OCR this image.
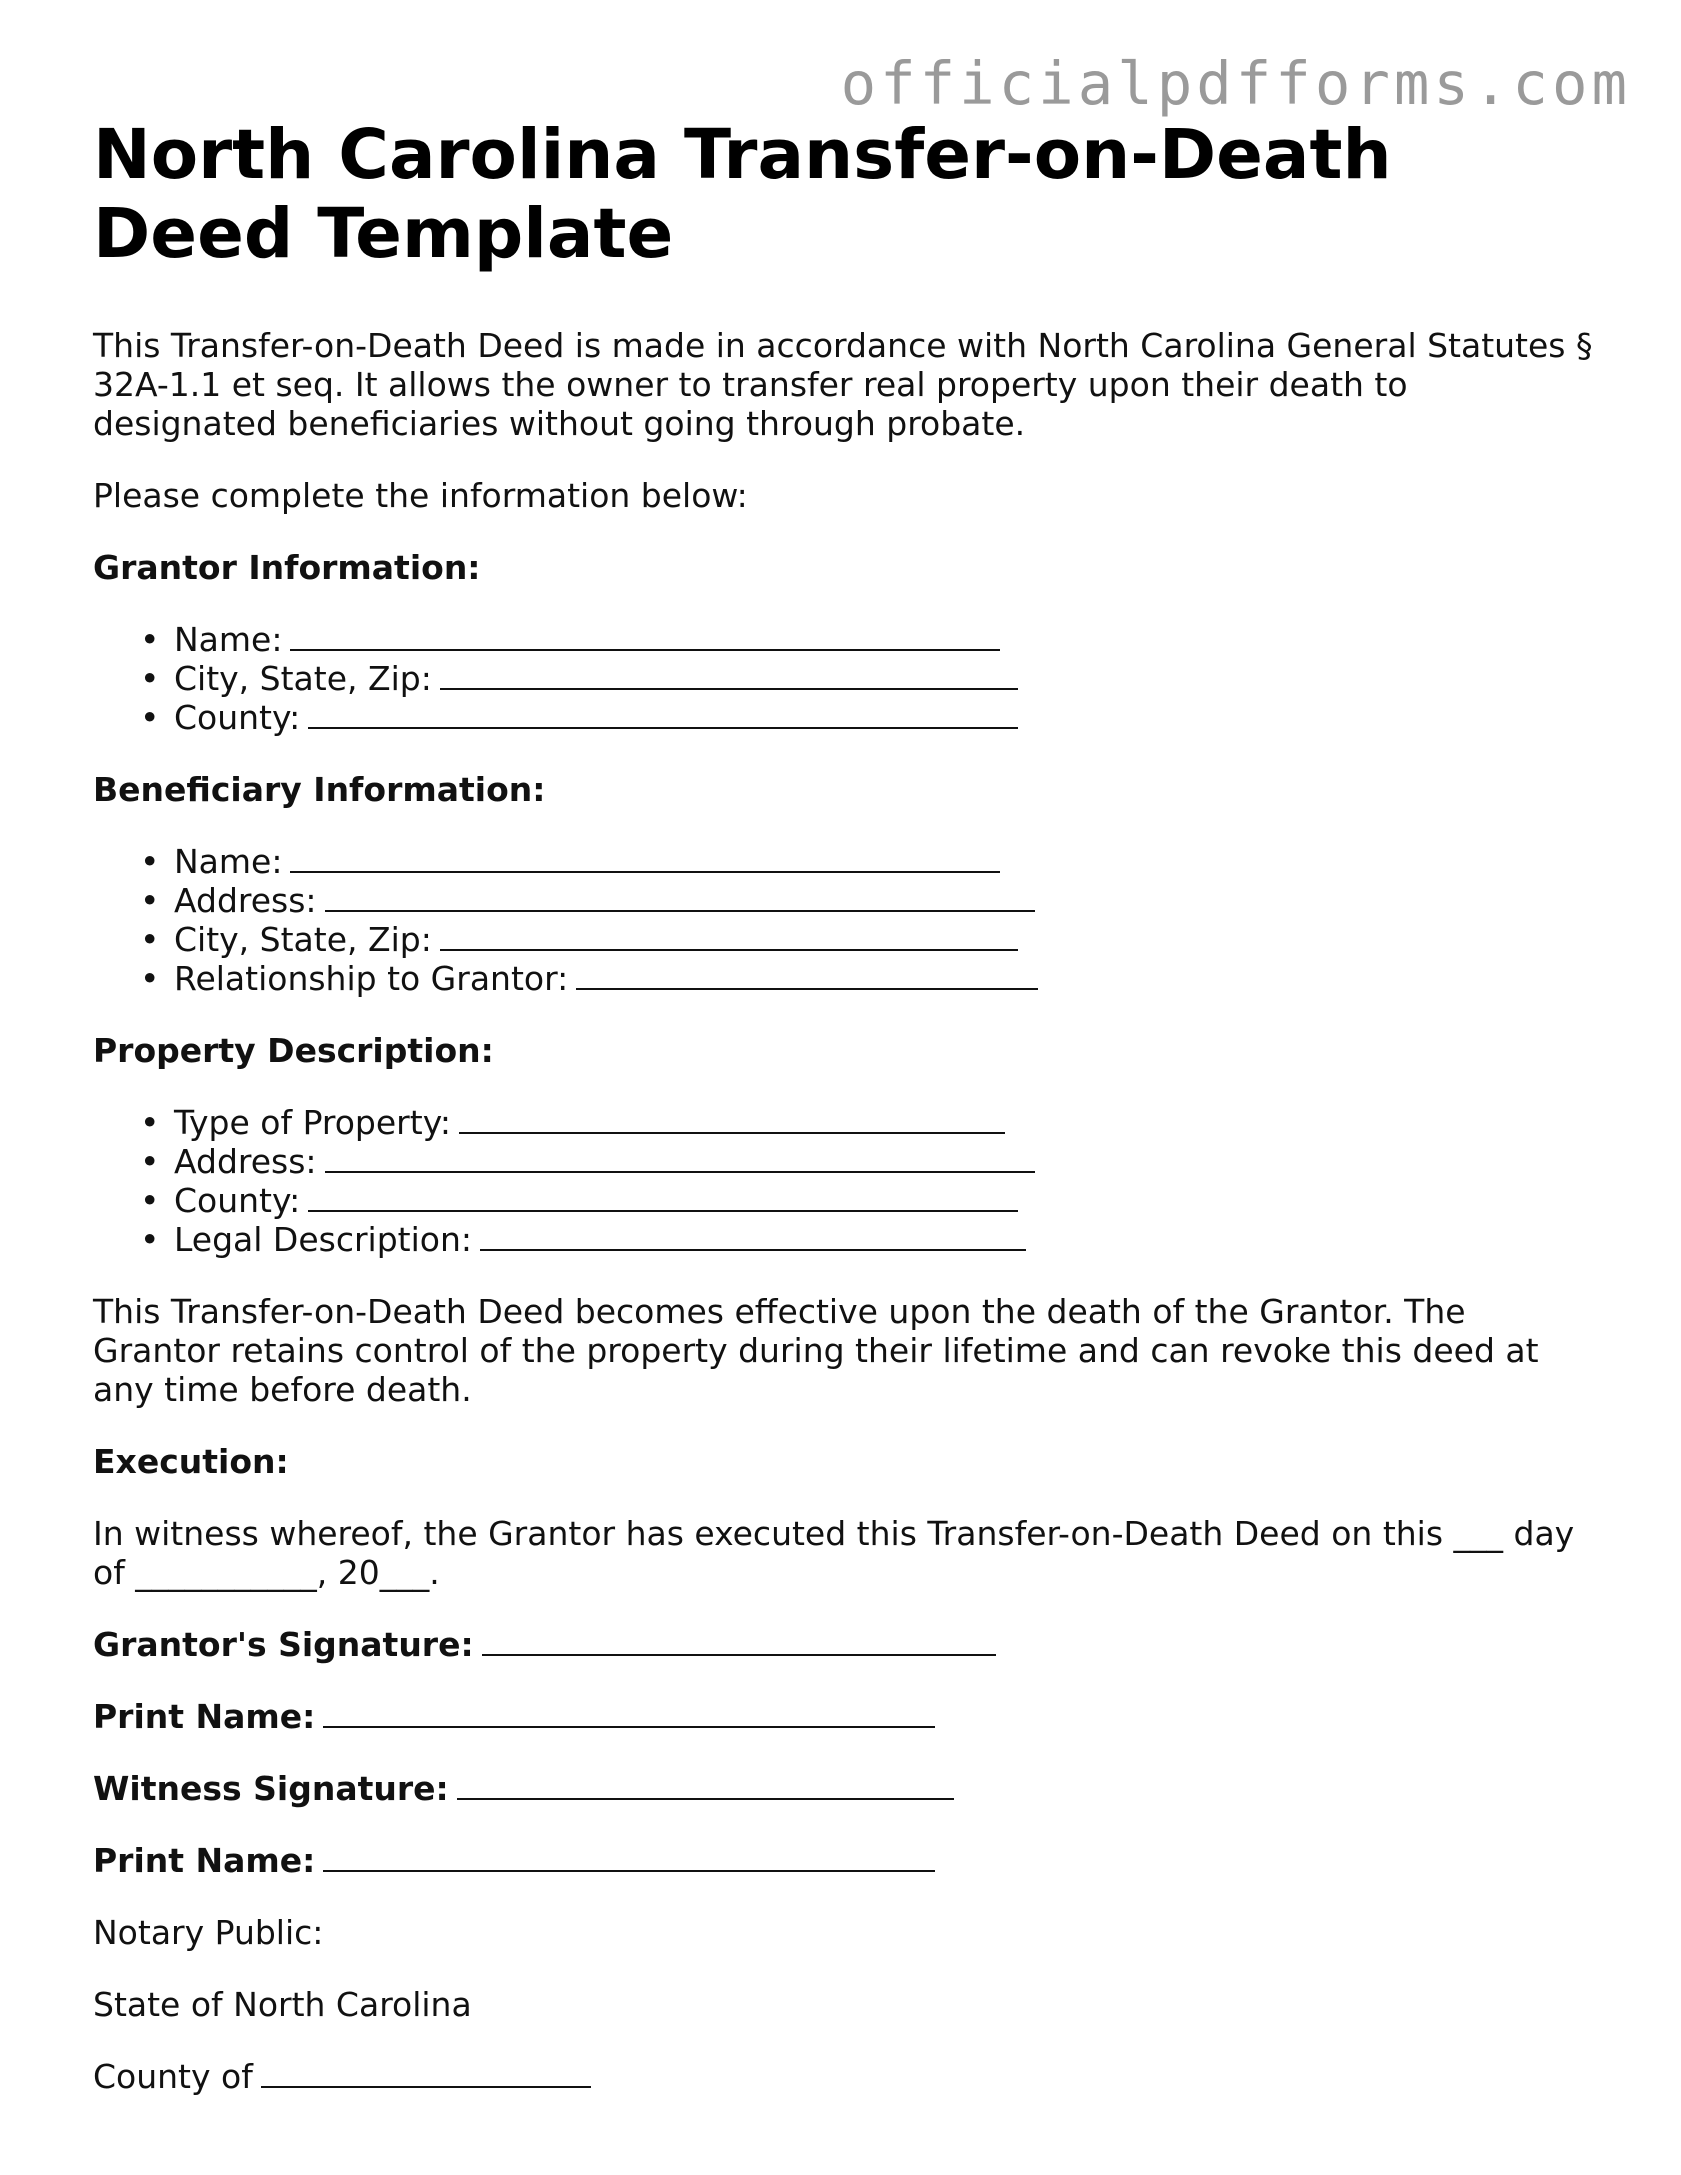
officialpdfforms.com
North Carolina Transfer-on-Death Deed Template

This Transfer-on-Death Deed is made in accordance with North Carolina General Statutes § 32A-1.1 et seq. It allows the owner to transfer real property upon their death to designated beneficiaries without going through probate.

Please complete the information below:

Grantor Information:

• Name:
• City, State, Zip:
• County:

Beneficiary Information:

• Name:
• Address:
• City, State, Zip:
• Relationship to Grantor:

Property Description:

• Type of Property:
• Address:
• County:
• Legal Description:

This Transfer-on-Death Deed becomes effective upon the death of the Grantor. The Grantor retains control of the property during their lifetime and can revoke this deed at any time before death.

Execution:

In witness whereof, the Grantor has executed this Transfer-on-Death Deed on this ___ day
of ___________, 20___.

Grantor's Signature:

Print Name:

Witness Signature:

Print Name:

Notary Public:

State of North Carolina

County of
